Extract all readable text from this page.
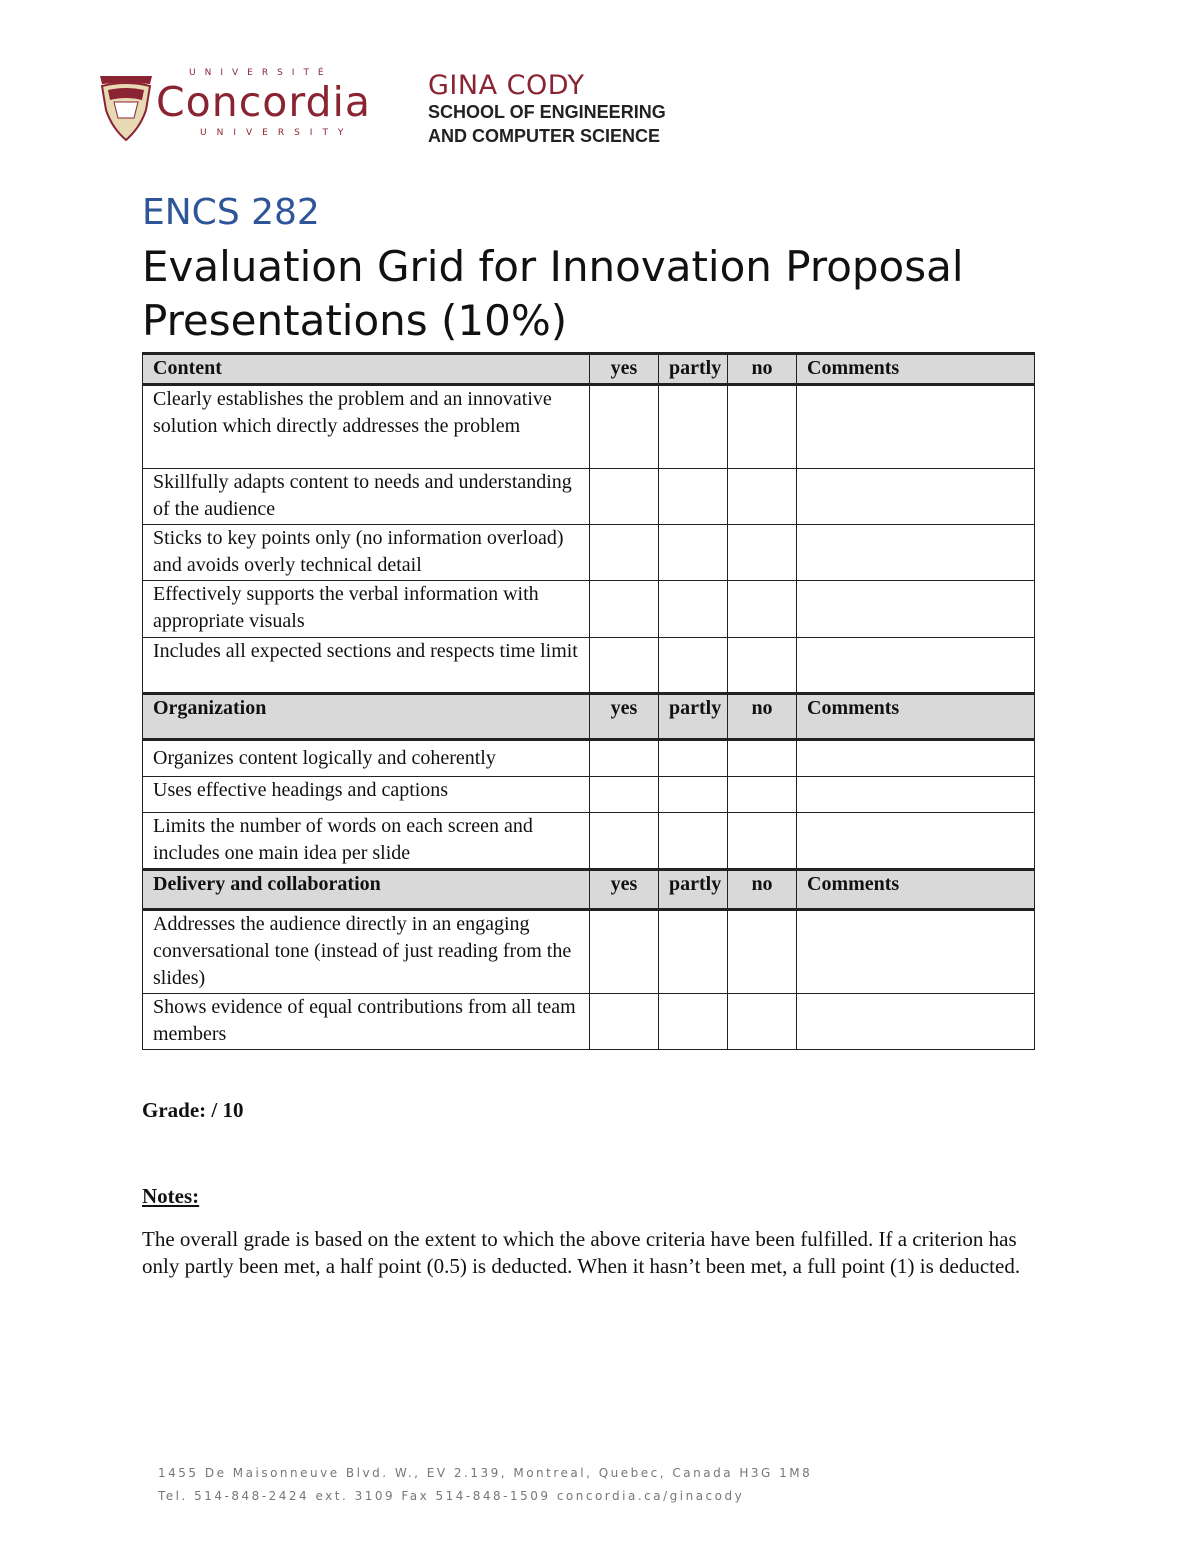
UNIVERSITÉ
Concordia
UNIVERSITY
GINA CODY
SCHOOL OF ENGINEERING
AND COMPUTER SCIENCE
ENCS 282
Evaluation Grid for Innovation Proposal Presentations (10%)
Content	yes	partly	no	Comments
Clearly establishes the problem and an innovative solution which directly addresses the problem				
Skillfully adapts content to needs and understanding of the audience				
Sticks to key points only (no information overload) and avoids overly technical detail				
Effectively supports the verbal information with appropriate visuals				
Includes all expected sections and respects time limit				
Organization	yes	partly	no	Comments
Organizes content logically and coherently				
Uses effective headings and captions				
Limits the number of words on each screen and includes one main idea per slide				
Delivery and collaboration	yes	partly	no	Comments
Addresses the audience directly in an engaging conversational tone (instead of just reading from the slides)				
Shows evidence of equal contributions from all team members				
Grade: / 10
Notes:
The overall grade is based on the extent to which the above criteria have been fulfilled. If a criterion has only partly been met, a half point (0.5) is deducted. When it hasn’t been met, a full point (1) is deducted.
1455 De Maisonneuve Blvd. W., EV 2.139, Montreal, Quebec, Canada H3G 1M8
Tel. 514-848-2424 ext. 3109 Fax 514-848-1509 concordia.ca/ginacody
